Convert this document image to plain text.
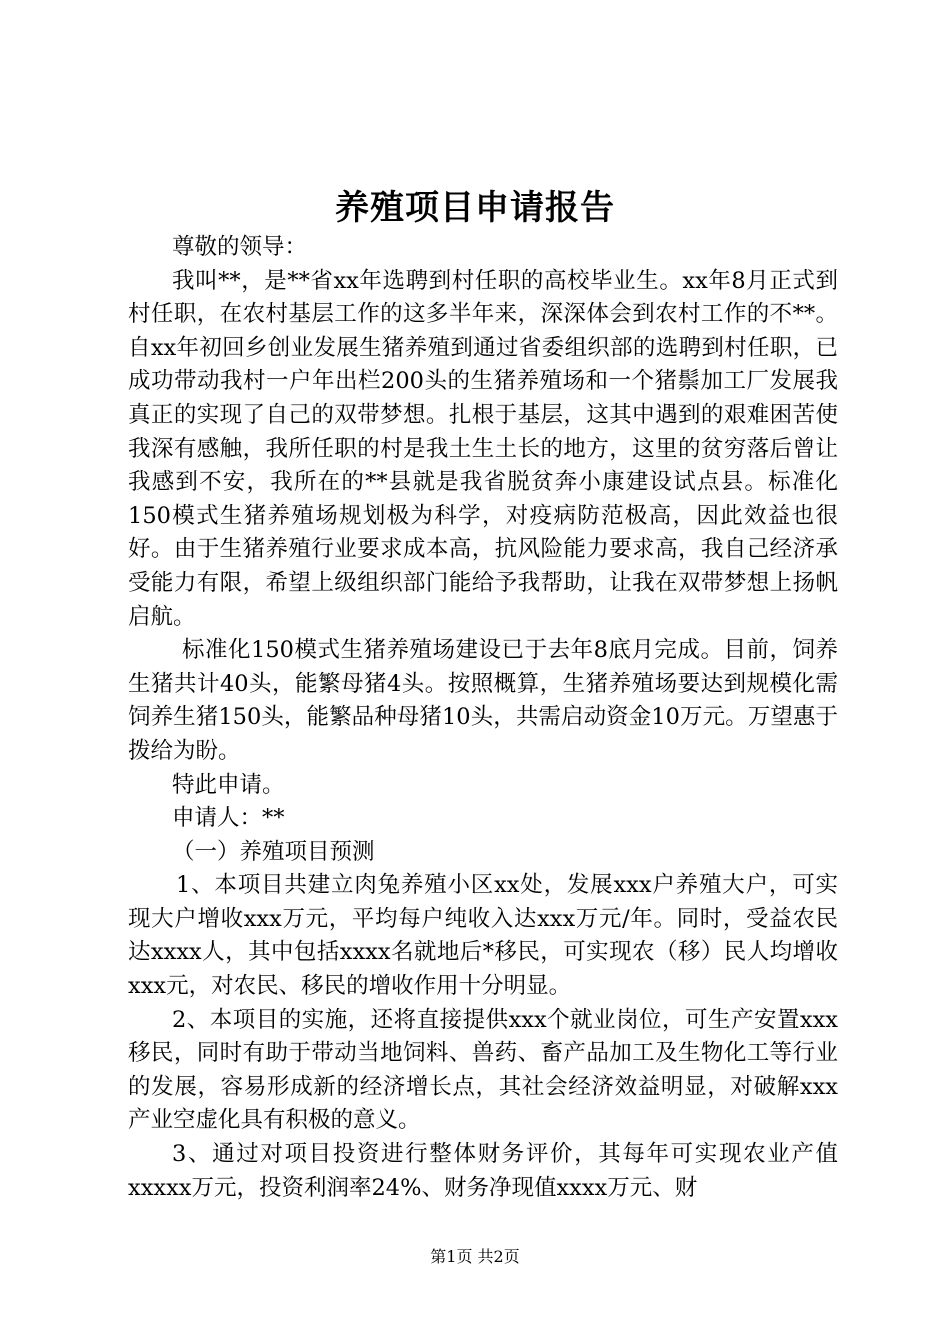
养殖项目申请报告

尊敬的领导：

我叫**，是**省xx年选聘到村任职的高校毕业生。xx年8月正式到村任职，在农村基层工作的这多半年来，深深体会到农村工作的不**。自xx年初回乡创业发展生猪养殖到通过省委组织部的选聘到村任职，已成功带动我村一户年出栏200头的生猪养殖场和一个猪鬃加工厂发展我真正的实现了自己的双带梦想。扎根于基层，这其中遇到的艰难困苦使我深有感触，我所任职的村是我土生土长的地方，这里的贫穷落后曾让我感到不安，我所在的**县就是我省脱贫奔小康建设试点县。标准化150模式生猪养殖场规划极为科学，对疫病防范极高，因此效益也很好。由于生猪养殖行业要求成本高，抗风险能力要求高，我自己经济承受能力有限，希望上级组织部门能给予我帮助，让我在双带梦想上扬帆启航。

标准化150模式生猪养殖场建设已于去年8底月完成。目前，饲养生猪共计40头，能繁母猪4头。按照概算，生猪养殖场要达到规模化需饲养生猪150头，能繁品种母猪10头，共需启动资金10万元。万望惠于拨给为盼。

特此申请。

申请人：**

（一）养殖项目预测

1、本项目共建立肉兔养殖小区xx处，发展xxx户养殖大户，可实现大户增收xxx万元，平均每户纯收入达xxx万元/年。同时，受益农民达xxxx人，其中包括xxxx名就地后*移民，可实现农（移）民人均增收xxx元，对农民、移民的增收作用十分明显。

2、本项目的实施，还将直接提供xxx个就业岗位，可生产安置xxx移民，同时有助于带动当地饲料、兽药、畜产品加工及生物化工等行业的发展，容易形成新的经济增长点，其社会经济效益明显，对破解xxx产业空虚化具有积极的意义。

3、通过对项目投资进行整体财务评价，其每年可实现农业产值xxxxx万元，投资利润率24%、财务净现值xxxx万元、财

第1页 共2页
